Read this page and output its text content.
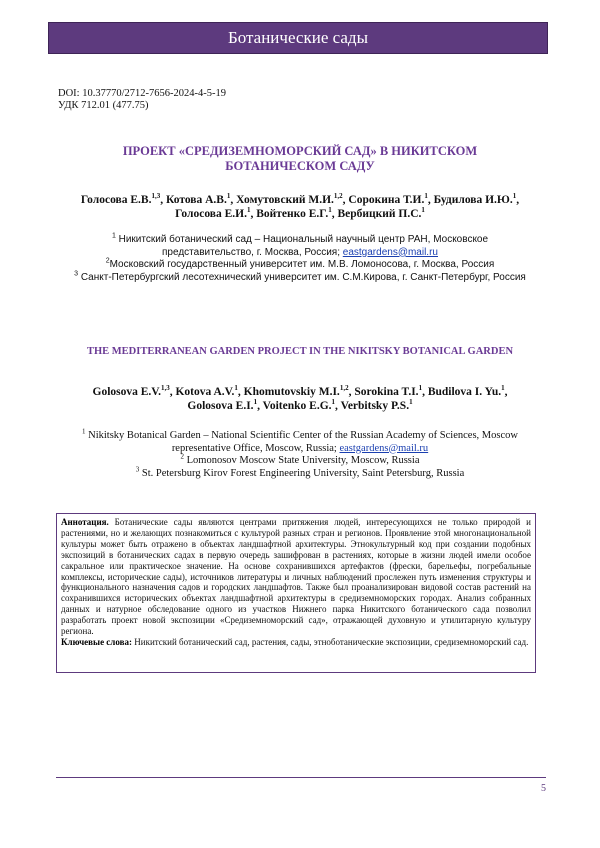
Ботанические сады
DOI: 10.37770/2712-7656-2024-4-5-19
УДК 712.01 (477.75)
ПРОЕКТ «СРЕДИЗЕМНОМОРСКИЙ САД» В НИКИТСКОМ БОТАНИЧЕСКОМ САДУ
Голосова Е.В.$^{1,3}$, Котова А.В.$^1$, Хомутовский М.И.$^{1,2}$, Сорокина Т.И.$^1$, Будилова И.Ю.$^1$,
Голосова Е.И.$^1$, Войтенко Е.Г.$^1$, Вербицкий П.С.$^1$

$^1$ Никитский ботанический сад – Национальный научный центр РАН, Московское представительство, г. Москва, Россия; eastgardens@mail.ru

$^2$Московский государственный университет им. М.В. Ломоносова, г. Москва, Россия

$^3$ Санкт-Петербургский лесотехнический университет им. С.М.Кирова, г. Санкт-Петербург, Россия

THE MEDITERRANEAN GARDEN PROJECT IN THE NIKITSKY BOTANICAL GARDEN
Golosova E.V.$^{1,3}$, Kotova A.V.$^1$, Khomutovskiy M.I.$^{1,2}$, Sorokina T.I.$^1$, Budilova I. Yu.$^1$,
Golosova E.I.$^1$, Voitenko E.G.$^1$, Verbitsky P.S.$^1$

$^1$ Nikitsky Botanical Garden – National Scientific Center of the Russian Academy of Sciences, Moscow representative Office, Moscow, Russia; eastgardens@mail.ru

$^2$ Lomonosov Moscow State University, Moscow, Russia

$^3$ St. Petersburg Kirov Forest Engineering University, Saint Petersburg, Russia

Аннотация. Ботанические сады являются центрами притяжения людей, интересующихся не только природой и растениями, но и желающих познакомиться с культурой разных стран и регионов. Проявление этой многонациональной культуры может быть отражено в объектах ландшафтной архитектуры. Этнокультурный код при создании подобных экспозиций в ботанических садах в первую очередь зашифрован в растениях, которые в жизни людей имели особое сакральное или практическое значение. На основе сохранившихся артефактов (фрески, барельефы, погребальные комплексы, исторические сады), источников литературы и личных наблюдений прослежен путь изменения структуры и функционального назначения садов и городских ландшафтов. Также был проанализирован видовой состав растений на сохранившихся исторических объектах ландшафтной архитектуры в средиземноморских городах. Анализ собранных данных и натурное обследование одного из участков Нижнего парка Никитского ботанического сада позволил разработать проект новой экспозиции «Средиземноморский сад», отражающей духовную и утилитарную культуру региона.

Ключевые слова: Никитский ботанический сад, растения, сады, этноботанические экспозиции, средиземноморский сад.

5
